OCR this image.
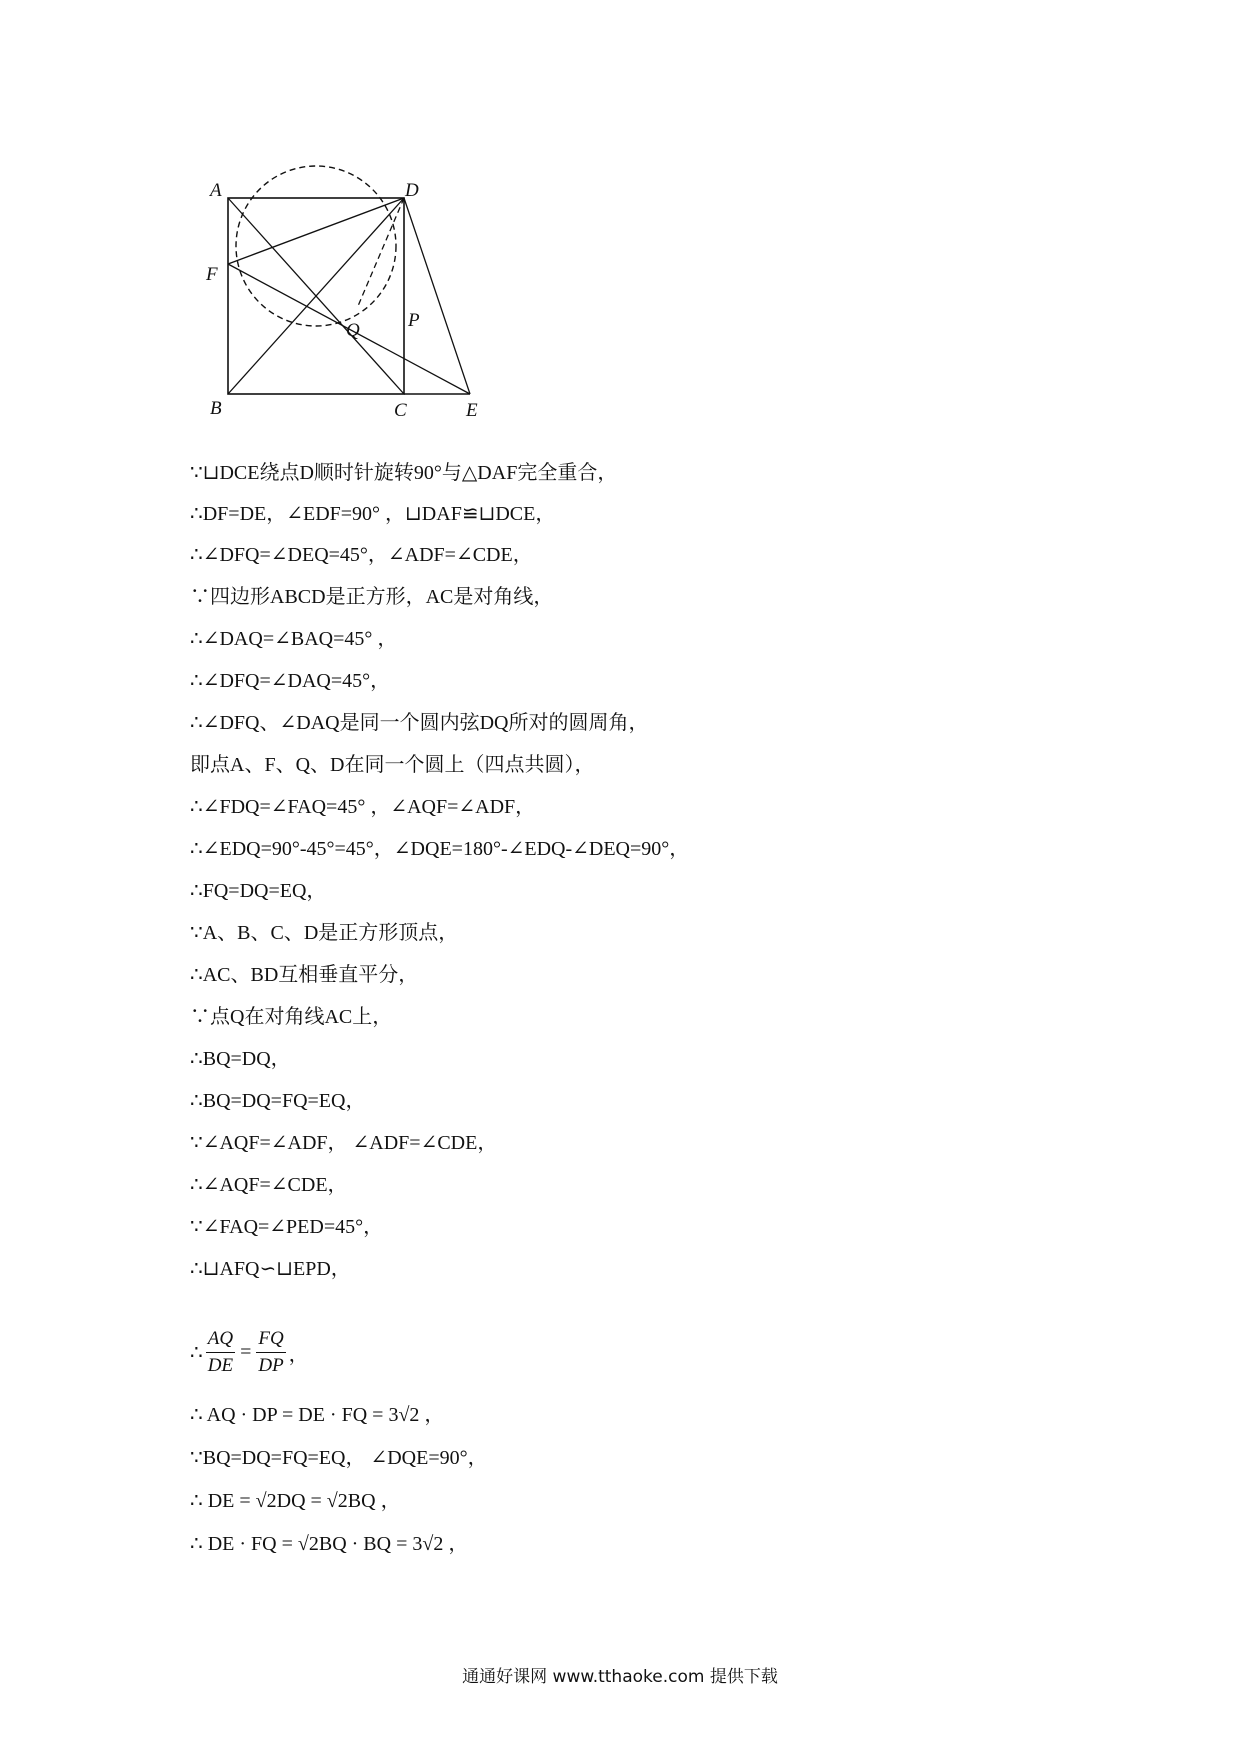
A	D
F
Q	P
B	C	E
∵⊔DCE绕点D顺时针旋转90°与△DAF完全重合，
∴DF=DE，∠EDF=90° ，⊔DAF≌⊔DCE，
∴∠DFQ=∠DEQ=45°，∠ADF=∠CDE，
∵四边形ABCD是正方形，AC是对角线，
∴∠DAQ=∠BAQ=45° ，
∴∠DFQ=∠DAQ=45°，
∴∠DFQ、∠DAQ是同一个圆内弦DQ所对的圆周角，
即点A、F、Q、D在同一个圆上（四点共圆），
∴∠FDQ=∠FAQ=45° ，∠AQF=∠ADF，
∴∠EDQ=90°-45°=45°，∠DQE=180°-∠EDQ-∠DEQ=90°，
∴FQ=DQ=EQ，
∵A、B、C、D是正方形顶点，
∴AC、BD互相垂直平分，
∵点Q在对角线AC上，
∴BQ=DQ，
∴BQ=DQ=FQ=EQ，
∵∠AQF=∠ADF， ∠ADF=∠CDE，
∴∠AQF=∠CDE，
∵∠FAQ=∠PED=45°，
∴⊔AFQ∽⊔EPD，
∴ $\frac{AQ}{DE} = \frac{FQ}{DP}$ ，
∴ AQ · DP = DE · FQ = 3√2 ，
∵BQ=DQ=FQ=EQ， ∠DQE=90°，
∴ DE = √2DQ = √2BQ ，
∴ DE · FQ = √2BQ · BQ = 3√2 ，
通通好课网 www.tthaoke.com 提供下载
